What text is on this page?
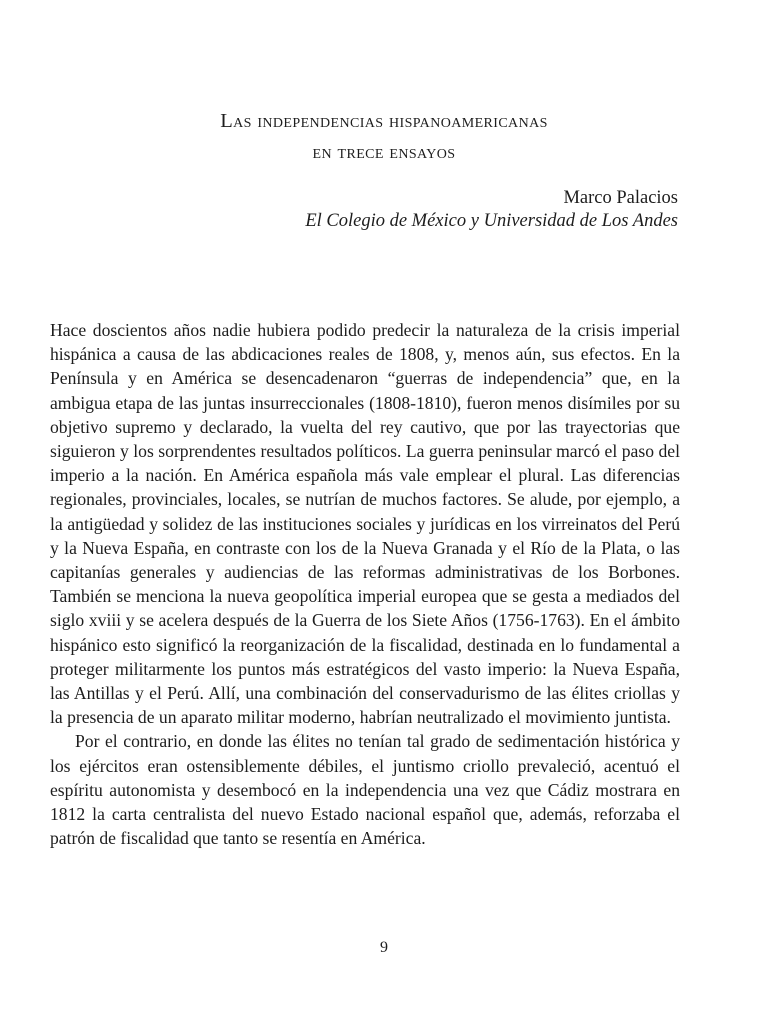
Las independencias hispanoamericanas
en trece ensayos
Marco Palacios
El Colegio de México y Universidad de Los Andes

Hace doscientos años nadie hubiera podido predecir la naturaleza de la crisis imperial hispánica a causa de las abdicaciones reales de 1808, y, menos aún, sus efectos. En la Península y en América se desencadenaron “guerras de independencia” que, en la ambigua etapa de las juntas insurreccionales (1808-1810), fueron menos disímiles por su objetivo supremo y declarado, la vuelta del rey cautivo, que por las trayectorias que siguieron y los sorprendentes resultados políticos. La guerra peninsular marcó el paso del imperio a la nación. En América española más vale emplear el plural. Las diferencias regionales, provinciales, locales, se nutrían de muchos factores. Se alude, por ejemplo, a la antigüedad y solidez de las instituciones sociales y jurídicas en los virreinatos del Perú y la Nueva España, en contraste con los de la Nueva Granada y el Río de la Plata, o las capitanías generales y audiencias de las reformas administrativas de los Borbones. También se menciona la nueva geopolítica imperial europea que se gesta a mediados del siglo xviii y se acelera después de la Guerra de los Siete Años (1756-1763). En el ámbito hispánico esto significó la reorganización de la fiscalidad, destinada en lo fundamental a proteger militarmente los puntos más estratégicos del vasto imperio: la Nueva España, las Antillas y el Perú. Allí, una combinación del conservadurismo de las élites criollas y la presencia de un aparato militar moderno, habrían neutralizado el movimiento juntista.

Por el contrario, en donde las élites no tenían tal grado de sedimentación histórica y los ejércitos eran ostensiblemente débiles, el juntismo criollo prevaleció, acentuó el espíritu autonomista y desembocó en la independencia una vez que Cádiz mostrara en 1812 la carta centralista del nuevo Estado nacional español que, además, reforzaba el patrón de fiscalidad que tanto se resentía en América.

9
